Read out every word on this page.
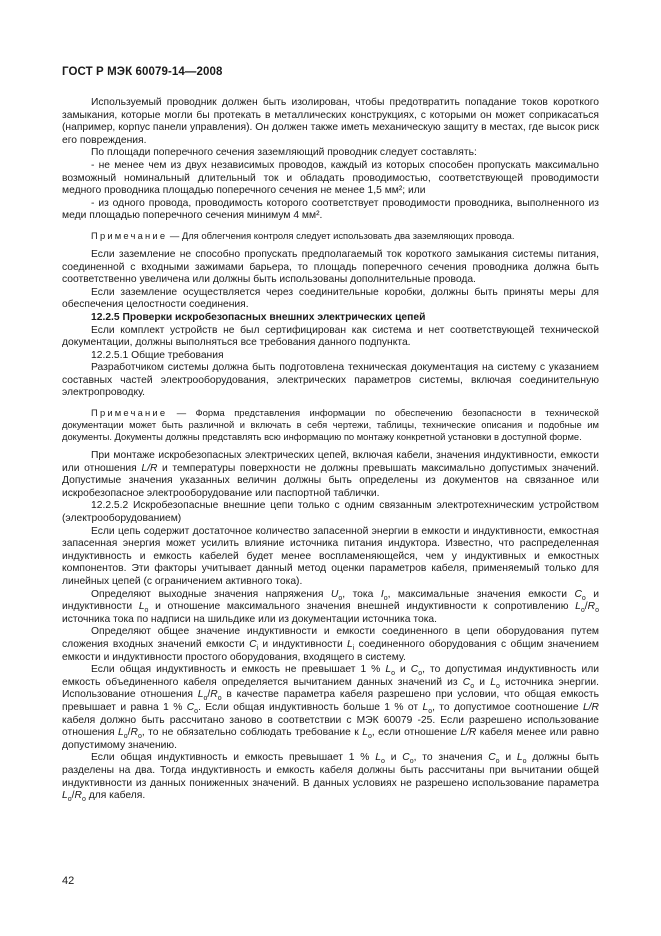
ГОСТ Р МЭК 60079-14—2008

Используемый проводник должен быть изолирован, чтобы предотвратить попадание токов короткого замыкания, которые могли бы протекать в металлических конструкциях, с которыми он может соприкасаться (например, корпус панели управления). Он должен также иметь механическую защиту в местах, где высок риск его повреждения.

По площади поперечного сечения заземляющий проводник следует составлять:

- не менее чем из двух независимых проводов, каждый из которых способен пропускать максимально возможный номинальный длительный ток и обладать проводимостью, соответствующей проводимости медного проводника площадью поперечного сечения не менее 1,5 мм²; или

- из одного провода, проводимость которого соответствует проводимости проводника, выполненного из меди площадью поперечного сечения минимум 4 мм².

Примечание — Для облегчения контроля следует использовать два заземляющих провода.

Если заземление не способно пропускать предполагаемый ток короткого замыкания системы питания, соединенной с входными зажимами барьера, то площадь поперечного сечения проводника должна быть соответственно увеличена или должны быть использованы дополнительные провода.

Если заземление осуществляется через соединительные коробки, должны быть приняты меры для обеспечения целостности соединения.

12.2.5 Проверки искробезопасных внешних электрических цепей

Если комплект устройств не был сертифицирован как система и нет соответствующей технической документации, должны выполняться все требования данного подпункта.

12.2.5.1 Общие требования

Разработчиком системы должна быть подготовлена техническая документация на систему с указанием составных частей электрооборудования, электрических параметров системы, включая соединительную электропроводку.

Примечание — Форма представления информации по обеспечению безопасности в технической документации может быть различной и включать в себя чертежи, таблицы, технические описания и подобные им документы. Документы должны представлять всю информацию по монтажу конкретной установки в доступной форме.

При монтаже искробезопасных электрических цепей, включая кабели, значения индуктивности, емкости или отношения L/R и температуры поверхности не должны превышать максимально допустимых значений. Допустимые значения указанных величин должны быть определены из документов на связанное или искробезопасное электрооборудование или паспортной таблички.

12.2.5.2 Искробезопасные внешние цепи только с одним связанным электротехническим устройством (электрооборудованием)

Если цепь содержит достаточное количество запасенной энергии в емкости и индуктивности, емкостная запасенная энергия может усилить влияние источника питания индуктора. Известно, что распределенная индуктивность и емкость кабелей будет менее воспламеняющейся, чем у индуктивных и емкостных компонентов. Эти факторы учитывает данный метод оценки параметров кабеля, применяемый только для линейных цепей (с ограничением активного тока).

Определяют выходные значения напряжения $U_o$, тока $I_o$, максимальные значения емкости $C_o$ и индуктивности $L_o$ и отношение максимального значения внешней индуктивности к сопротивлению $L_o/R_o$ источника тока по надписи на шильдике или из документации источника тока.

Определяют общее значение индуктивности и емкости соединенного в цепи оборудования путем сложения входных значений емкости $C_i$ и индуктивности $L_i$ соединенного оборудования с общим значением емкости и индуктивности простого оборудования, входящего в систему.

Если общая индуктивность и емкость не превышает 1 % $L_o$ и $C_o$, то допустимая индуктивность или емкость объединенного кабеля определяется вычитанием данных значений из $C_o$ и $L_o$ источника энергии. Использование отношения $L_o/R_o$ в качестве параметра кабеля разрешено при условии, что общая емкость превышает и равна 1 % $C_o$. Если общая индуктивность больше 1 % от $L_o$, то допустимое соотношение L/R кабеля должно быть рассчитано заново в соответствии с МЭК 60079 -25. Если разрешено использование отношения $L_o/R_o$, то не обязательно соблюдать требование к $L_o$, если отношение L/R кабеля менее или равно допустимому значению.

Если общая индуктивность и емкость превышает 1 % $L_o$ и $C_o$, то значения $C_o$ и $L_o$ должны быть разделены на два. Тогда индуктивность и емкость кабеля должны быть рассчитаны при вычитании общей индуктивности из данных пониженных значений. В данных условиях не разрешено использование параметра $L_o/R_o$ для кабеля.

42
